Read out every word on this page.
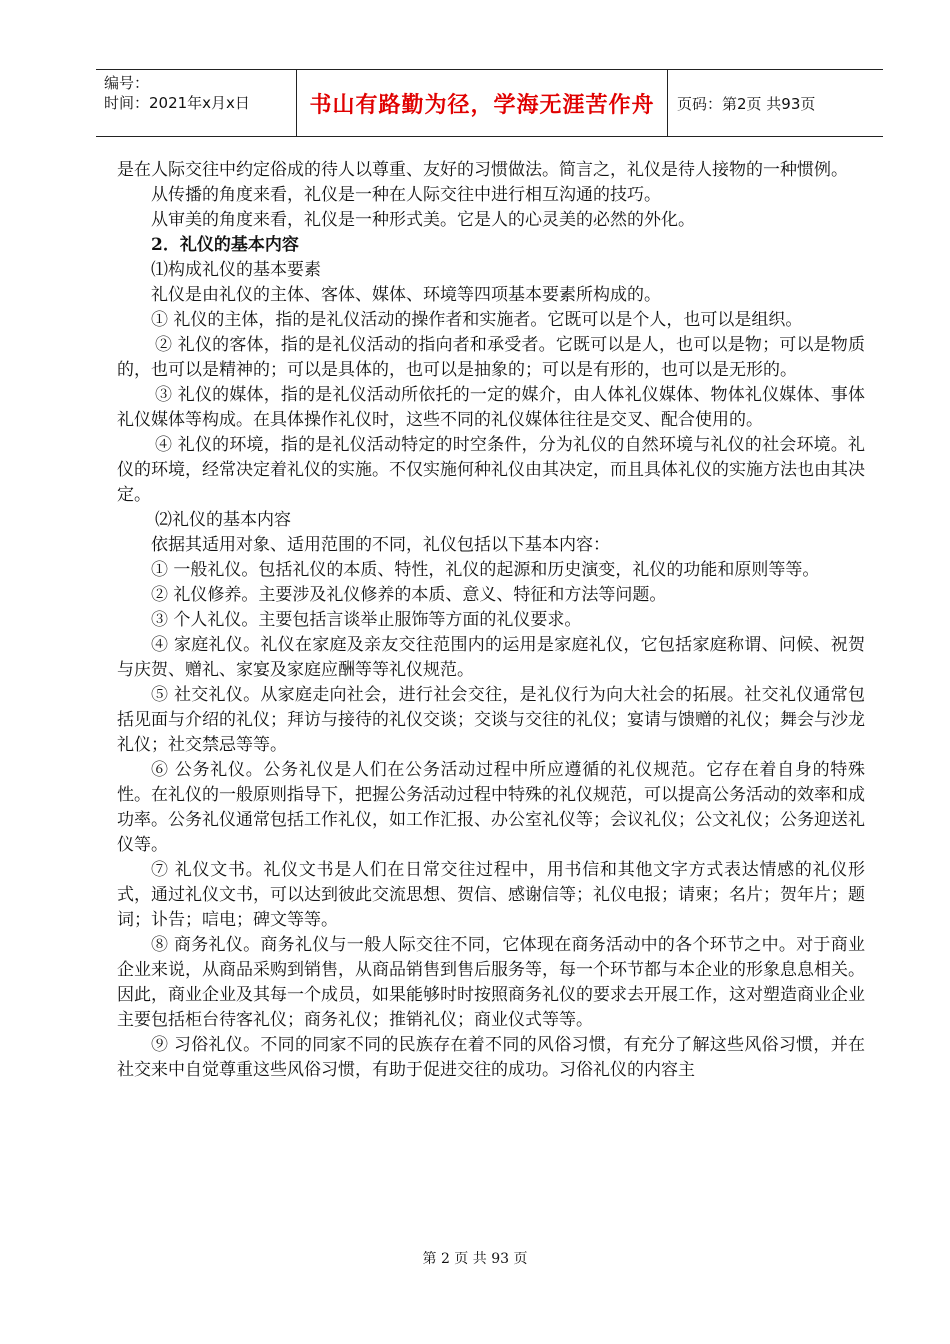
编号：
时间：2021年x月x日	书山有路勤为径，学海无涯苦作舟	页码：第2页 共93页

是在人际交往中约定俗成的待人以尊重、友好的习惯做法。简言之，礼仪是待人接物的一种惯例。

从传播的角度来看，礼仪是一种在人际交往中进行相互沟通的技巧。

从审美的角度来看，礼仪是一种形式美。它是人的心灵美的必然的外化。

2．礼仪的基本内容

⑴构成礼仪的基本要素

礼仪是由礼仪的主体、客体、媒体、环境等四项基本要素所构成的。

① 礼仪的主体，指的是礼仪活动的操作者和实施者。它既可以是个人，也可以是组织。

② 礼仪的客体，指的是礼仪活动的指向者和承受者。它既可以是人，也可以是物；可以是物质的，也可以是精神的；可以是具体的，也可以是抽象的；可以是有形的，也可以是无形的。

③ 礼仪的媒体，指的是礼仪活动所依托的一定的媒介，由人体礼仪媒体、物体礼仪媒体、事体礼仪媒体等构成。在具体操作礼仪时，这些不同的礼仪媒体往往是交叉、配合使用的。

④ 礼仪的环境，指的是礼仪活动特定的时空条件，分为礼仪的自然环境与礼仪的社会环境。礼仪的环境，经常决定着礼仪的实施。不仅实施何种礼仪由其决定，而且具体礼仪的实施方法也由其决定。

⑵礼仪的基本内容

依据其适用对象、适用范围的不同，礼仪包括以下基本内容：

① 一般礼仪。包括礼仪的本质、特性，礼仪的起源和历史演变，礼仪的功能和原则等等。

② 礼仪修养。主要涉及礼仪修养的本质、意义、特征和方法等问题。

③ 个人礼仪。主要包括言谈举止服饰等方面的礼仪要求。

④ 家庭礼仪。礼仪在家庭及亲友交往范围内的运用是家庭礼仪，它包括家庭称谓、问候、祝贺与庆贺、赠礼、家宴及家庭应酬等等礼仪规范。

⑤ 社交礼仪。从家庭走向社会，进行社会交往，是礼仪行为向大社会的拓展。社交礼仪通常包括见面与介绍的礼仪；拜访与接待的礼仪交谈；交谈与交往的礼仪；宴请与馈赠的礼仪；舞会与沙龙礼仪；社交禁忌等等。

⑥ 公务礼仪。公务礼仪是人们在公务活动过程中所应遵循的礼仪规范。它存在着自身的特殊性。在礼仪的一般原则指导下，把握公务活动过程中特殊的礼仪规范，可以提高公务活动的效率和成功率。公务礼仪通常包括工作礼仪，如工作汇报、办公室礼仪等；会议礼仪；公文礼仪；公务迎送礼仪等。

⑦ 礼仪文书。礼仪文书是人们在日常交往过程中，用书信和其他文字方式表达情感的礼仪形式，通过礼仪文书，可以达到彼此交流思想、贺信、感谢信等；礼仪电报；请柬；名片；贺年片；题词；讣告；唁电；碑文等等。

⑧ 商务礼仪。商务礼仪与一般人际交往不同，它体现在商务活动中的各个环节之中。对于商业企业来说，从商品采购到销售，从商品销售到售后服务等，每一个环节都与本企业的形象息息相关。因此，商业企业及其每一个成员，如果能够时时按照商务礼仪的要求去开展工作，这对塑造商业企业主要包括柜台待客礼仪；商务礼仪；推销礼仪；商业仪式等等。

⑨ 习俗礼仪。不同的同家不同的民族存在着不同的风俗习惯，有充分了解这些风俗习惯，并在社交来中自觉尊重这些风俗习惯，有助于促进交往的成功。习俗礼仪的内容主

第 2 页 共 93 页
